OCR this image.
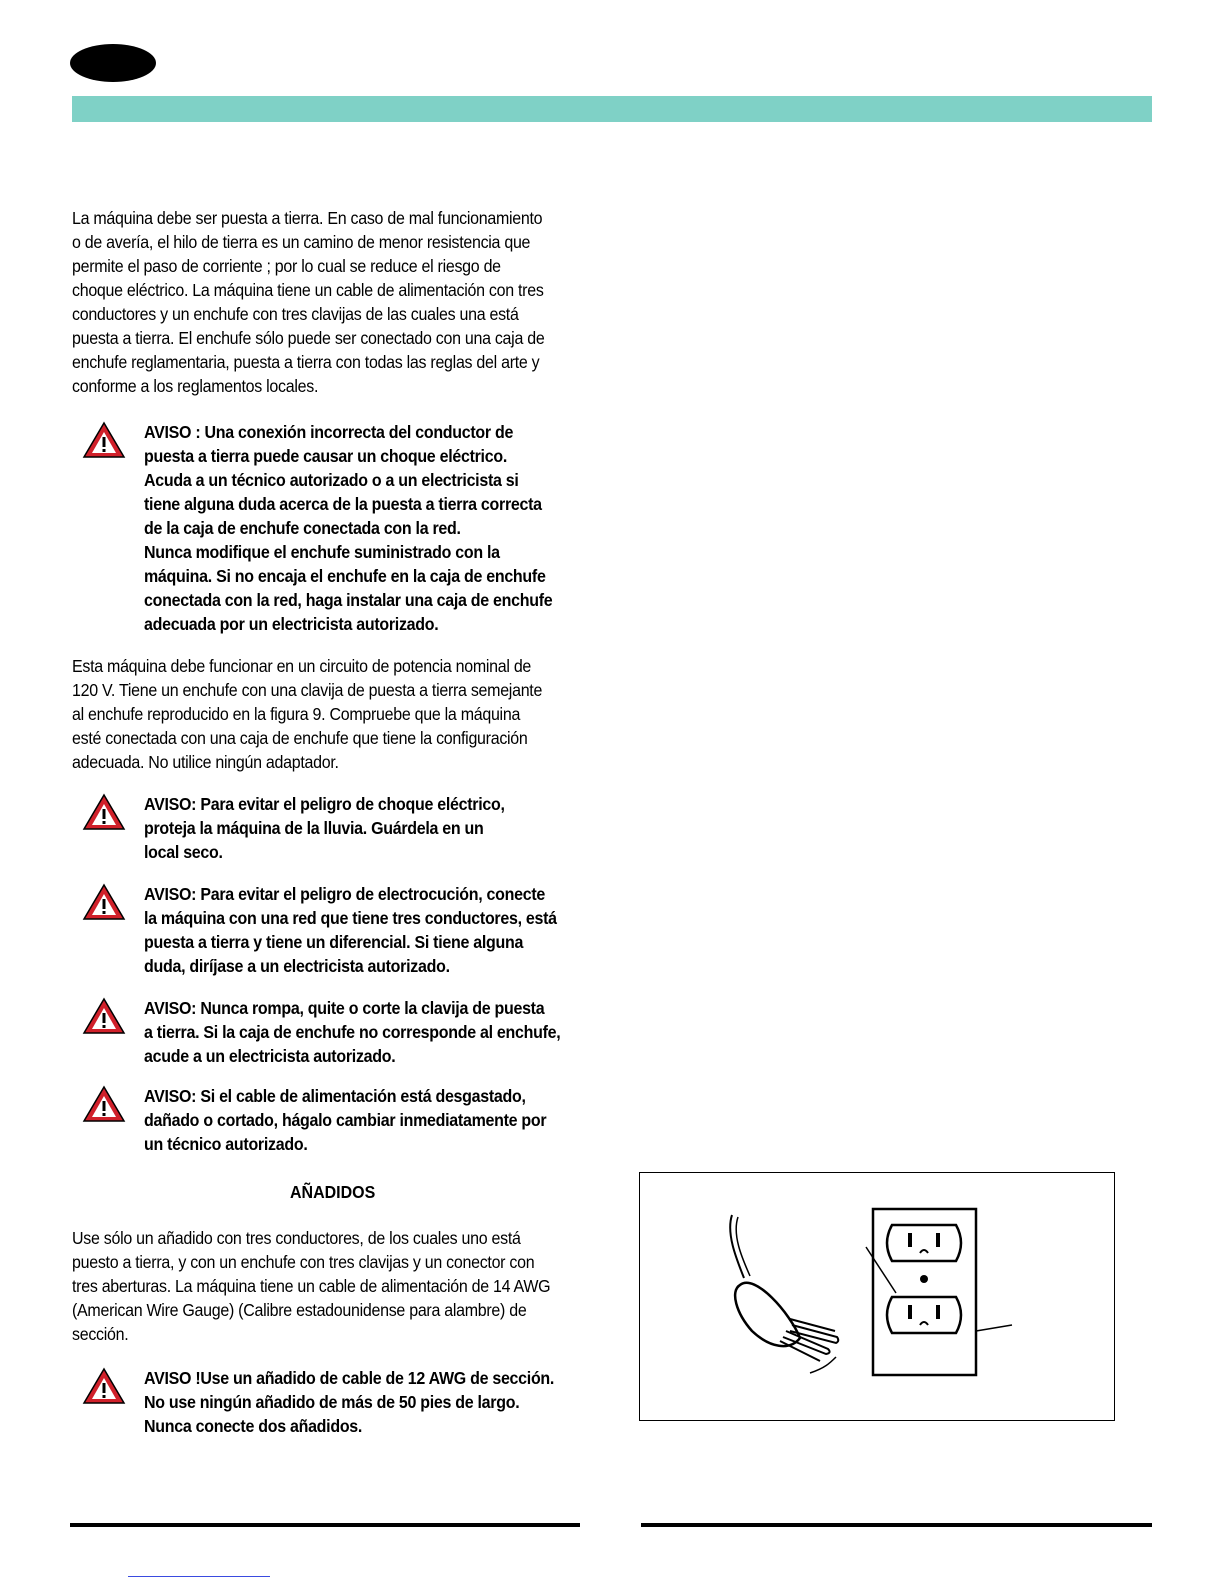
La máquina debe ser puesta a tierra. En caso de mal funcionamiento
o de avería, el hilo de tierra es un camino de menor resistencia que
permite el paso de corriente ; por lo cual se reduce el riesgo de
choque eléctrico. La máquina tiene un cable de alimentación con tres
conductores y un enchufe con tres clavijas de las cuales una está
puesta a tierra. El enchufe sólo puede ser conectado con una caja de
enchufe reglamentaria, puesta a tierra con todas las reglas del arte y
conforme a los reglamentos locales.
AVISO : Una conexión incorrecta del conductor de
puesta a tierra puede causar un choque eléctrico.
Acuda a un técnico autorizado o a un electricista si
tiene alguna duda acerca de la puesta a tierra correcta
de la caja de enchufe conectada con la red.
Nunca modifique el enchufe suministrado con la
máquina. Si no encaja el enchufe en la caja de enchufe
conectada con la red, haga instalar una caja de enchufe
adecuada por un electricista autorizado.
Esta máquina debe funcionar en un circuito de potencia nominal de
120 V. Tiene un enchufe con una clavija de puesta a tierra semejante
al enchufe reproducido en la figura 9. Compruebe que la máquina
esté conectada con una caja de enchufe que tiene la configuración
adecuada. No utilice ningún adaptador.
AVISO: Para evitar el peligro de choque eléctrico,
proteja la máquina de la lluvia. Guárdela en un
local seco.
AVISO: Para evitar el peligro de electrocución, conecte
la máquina con una red que tiene tres conductores, está
puesta a tierra y tiene un diferencial. Si tiene alguna
duda, diríjase a un electricista autorizado.
AVISO: Nunca rompa, quite o corte la clavija de puesta
a tierra. Si la caja de enchufe no corresponde al enchufe,
acude a un electricista autorizado.
AVISO: Si el cable de alimentación está desgastado,
dañado o cortado, hágalo cambiar inmediatamente por
un técnico autorizado.
AÑADIDOS
Use sólo un añadido con tres conductores, de los cuales uno está
puesto a tierra, y con un enchufe con tres clavijas y un conector con
tres aberturas. La máquina tiene un cable de alimentación de 14 AWG
(American Wire Gauge) (Calibre estadounidense para alambre) de
sección.
AVISO !Use un añadido de cable de 12 AWG de sección.
No use ningún añadido de más de 50 pies de largo.
Nunca conecte dos añadidos.
